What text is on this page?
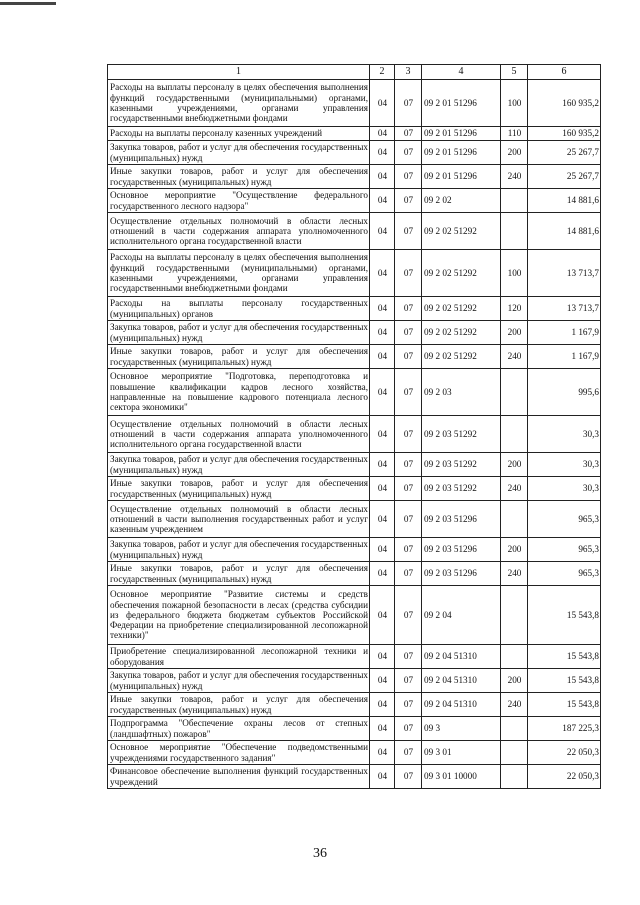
1	2	3	4	5	6
Расходы на выплаты персоналу в целях обеспечения выполнения функций государственными (муниципальными) органами, казенными учреждениями, органами управления государственными внебюджетными фондами	04	07	09 2 01 51296	100	160 935,2
Расходы на выплаты персоналу казенных учреждений	04	07	09 2 01 51296	110	160 935,2
Закупка товаров, работ и услуг для обеспечения государственных (муниципальных) нужд	04	07	09 2 01 51296	200	25 267,7
Иные закупки товаров, работ и услуг для обеспечения государственных (муниципальных) нужд	04	07	09 2 01 51296	240	25 267,7
Основное мероприятие "Осуществление федерального государственного лесного надзора"	04	07	09 2 02		14 881,6
Осуществление отдельных полномочий в области лесных отношений в части содержания аппарата уполномоченного исполнительного органа государственной власти	04	07	09 2 02 51292		14 881,6
Расходы на выплаты персоналу в целях обеспечения выполнения функций государственными (муниципальными) органами, казенными учреждениями, органами управления государственными внебюджетными фондами	04	07	09 2 02 51292	100	13 713,7
Расходы на выплаты персоналу государственных (муниципальных) органов	04	07	09 2 02 51292	120	13 713,7
Закупка товаров, работ и услуг для обеспечения государственных (муниципальных) нужд	04	07	09 2 02 51292	200	1 167,9
Иные закупки товаров, работ и услуг для обеспечения государственных (муниципальных) нужд	04	07	09 2 02 51292	240	1 167,9
Основное мероприятие "Подготовка, переподготовка и повышение квалификации кадров лесного хозяйства, направленные на повышение кадрового потенциала лесного сектора экономики"	04	07	09 2 03		995,6
Осуществление отдельных полномочий в области лесных отношений в части содержания аппарата уполномоченного исполнительного органа государственной власти	04	07	09 2 03 51292		30,3
Закупка товаров, работ и услуг для обеспечения государственных (муниципальных) нужд	04	07	09 2 03 51292	200	30,3
Иные закупки товаров, работ и услуг для обеспечения государственных (муниципальных) нужд	04	07	09 2 03 51292	240	30,3
Осуществление отдельных полномочий в области лесных отношений в части выполнения государственных работ и услуг казенным учреждением	04	07	09 2 03 51296		965,3
Закупка товаров, работ и услуг для обеспечения государственных (муниципальных) нужд	04	07	09 2 03 51296	200	965,3
Иные закупки товаров, работ и услуг для обеспечения государственных (муниципальных) нужд	04	07	09 2 03 51296	240	965,3
Основное мероприятие "Развитие системы и средств обеспечения пожарной безопасности в лесах (средства субсидии из федерального бюджета бюджетам субъектов Российской Федерации на приобретение специализированной лесопожарной техники)"	04	07	09 2 04		15 543,8
Приобретение специализированной лесопожарной техники и оборудования	04	07	09 2 04 51310		15 543,8
Закупка товаров, работ и услуг для обеспечения государственных (муниципальных) нужд	04	07	09 2 04 51310	200	15 543,8
Иные закупки товаров, работ и услуг для обеспечения государственных (муниципальных) нужд	04	07	09 2 04 51310	240	15 543,8
Подпрограмма "Обеспечение охраны лесов от степных (ландшафтных) пожаров"	04	07	09 3		187 225,3
Основное мероприятие "Обеспечение подведомственными учреждениями государственного задания"	04	07	09 3 01		22 050,3
Финансовое обеспечение выполнения функций государственных учреждений	04	07	09 3 01 10000		22 050,3
36
